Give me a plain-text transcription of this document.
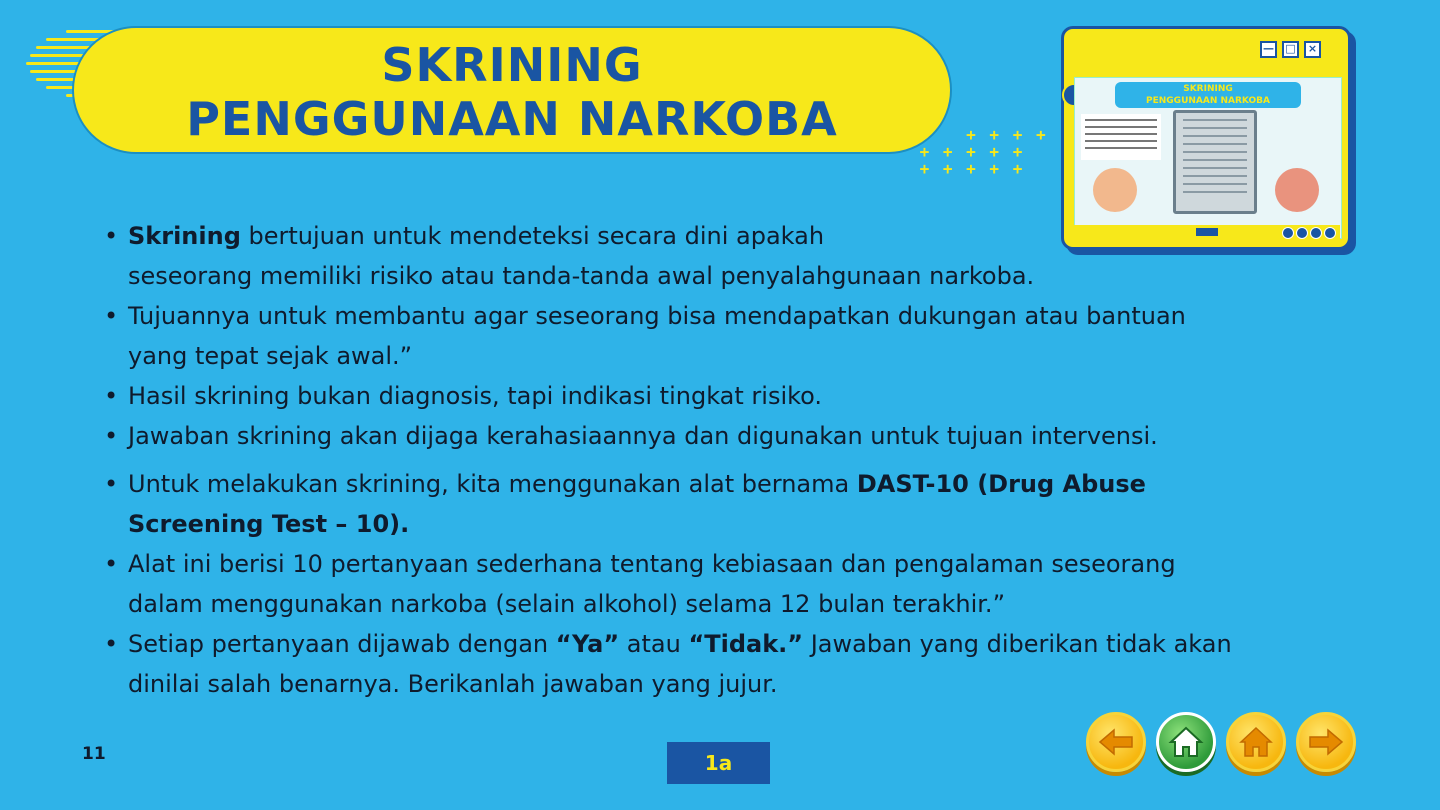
SKRINING
PENGGUNAAN NARKOBA	+ + + +
+ + + + +
+ + + + +
— □	×
SKRINING
PENGGUNAAN NARKOBA

• Skrining bertujuan untuk mendeteksi secara dini apakah
seseorang memiliki risiko atau tanda-tanda awal penyalahgunaan narkoba.

• Tujuannya untuk membantu agar seseorang bisa mendapatkan dukungan atau bantuan
yang tepat sejak awal.”

• Hasil skrining bukan diagnosis, tapi indikasi tingkat risiko.

• Jawaban skrining akan dijaga kerahasiaannya dan digunakan untuk tujuan intervensi.

• Untuk melakukan skrining, kita menggunakan alat bernama DAST-10 (Drug Abuse
Screening Test – 10).

• Alat ini berisi 10 pertanyaan sederhana tentang kebiasaan dan pengalaman seseorang
dalam menggunakan narkoba (selain alkohol) selama 12 bulan terakhir.”

• Setiap pertanyaan dijawab dengan “Ya” atau “Tidak.” Jawaban yang diberikan tidak akan
dinilai salah benarnya. Berikanlah jawaban yang jujur.

11	1a
